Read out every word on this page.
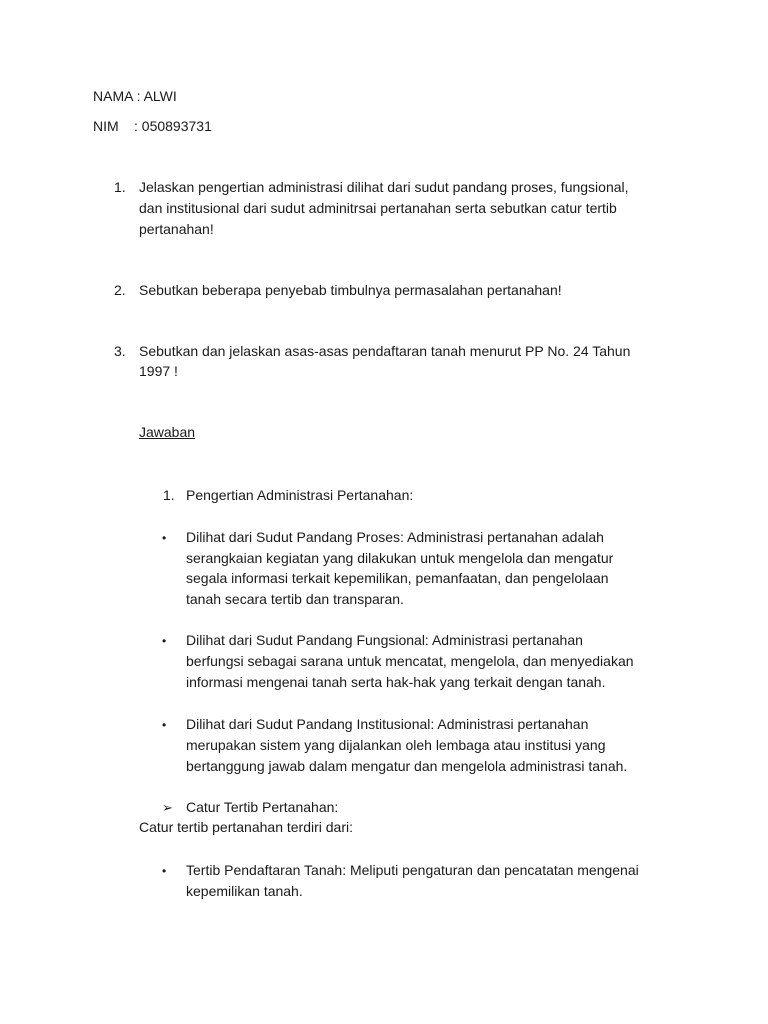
NAMA : ALWI
NIM : 050893731
1. Jelaskan pengertian administrasi dilihat dari sudut pandang proses, fungsional,
dan institusional dari sudut adminitrsai pertanahan serta sebutkan catur tertib
pertanahan!
2. Sebutkan beberapa penyebab timbulnya permasalahan pertanahan!
3. Sebutkan dan jelaskan asas-asas pendaftaran tanah menurut PP No. 24 Tahun
1997 !
Jawaban
1. Pengertian Administrasi Pertanahan:
• Dilihat dari Sudut Pandang Proses: Administrasi pertanahan adalah
serangkaian kegiatan yang dilakukan untuk mengelola dan mengatur
segala informasi terkait kepemilikan, pemanfaatan, dan pengelolaan
tanah secara tertib dan transparan.
• Dilihat dari Sudut Pandang Fungsional: Administrasi pertanahan
berfungsi sebagai sarana untuk mencatat, mengelola, dan menyediakan
informasi mengenai tanah serta hak-hak yang terkait dengan tanah.
• Dilihat dari Sudut Pandang Institusional: Administrasi pertanahan
merupakan sistem yang dijalankan oleh lembaga atau institusi yang
bertanggung jawab dalam mengatur dan mengelola administrasi tanah.
➢ Catur Tertib Pertanahan:
Catur tertib pertanahan terdiri dari:
• Tertib Pendaftaran Tanah: Meliputi pengaturan dan pencatatan mengenai
kepemilikan tanah.
